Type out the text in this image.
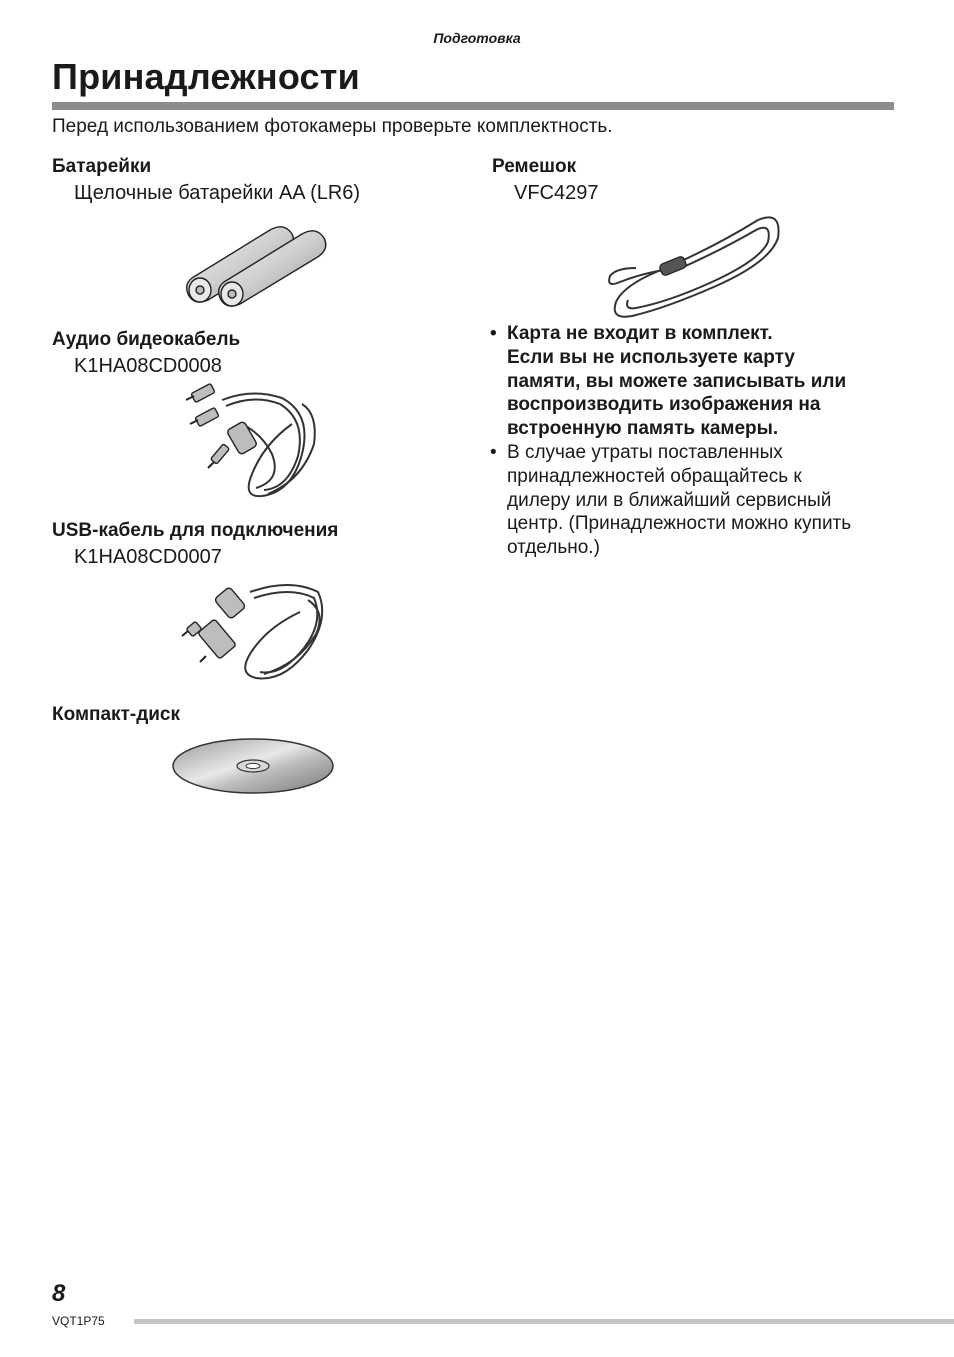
Подготовка
Принадлежности
Перед использованием фотокамеры проверьте комплектность.
Батарейки
Щелочные батарейки AA (LR6)
Аудио бидеокабель
K1HA08CD0008
USB-кабель для подключения
K1HA08CD0007
Компакт-диск
Ремешок
VFC4297
• Карта не входит в комплект.
Если вы не используете карту
памяти, вы можете записывать или
воспроизводить изображения на
встроенную память камеры.
• В случае утраты поставленных
принадлежностей обращайтесь к
дилеру или в ближайший сервисный
центр. (Принадлежности можно купить
отдельно.)
8
VQT1P75
